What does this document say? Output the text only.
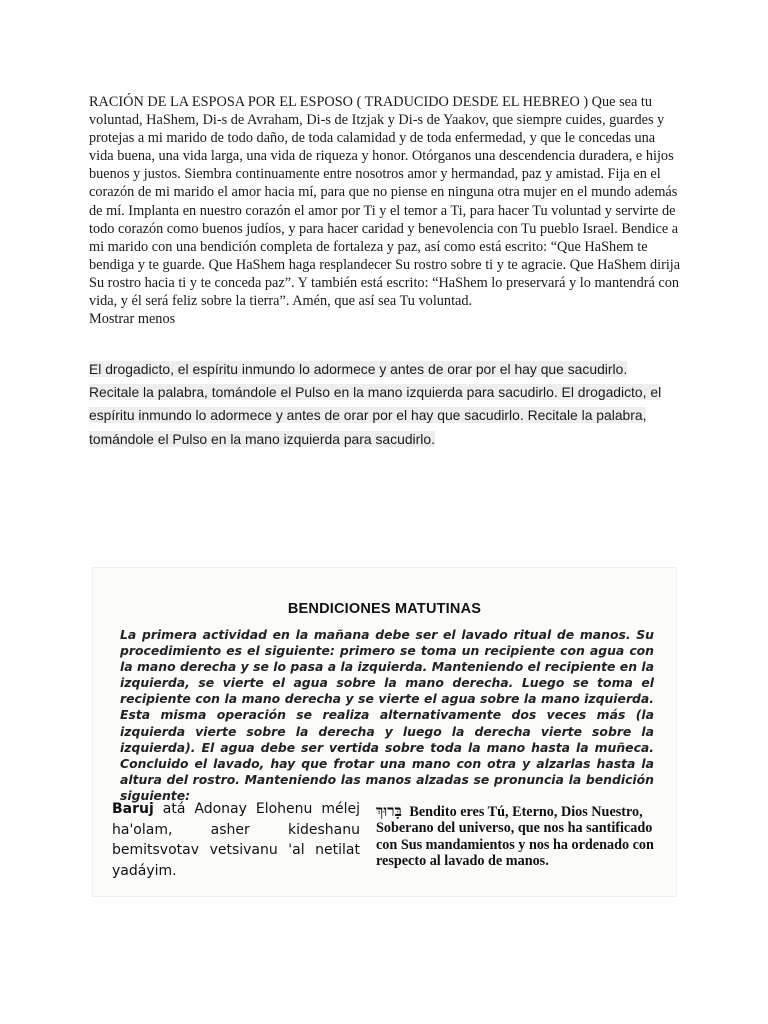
RACIÓN DE LA ESPOSA POR EL ESPOSO ( TRADUCIDO DESDE EL HEBREO ) Que sea tu voluntad, HaShem, Di-s de Avraham, Di-s de Itzjak y Di-s de Yaakov, que siempre cuides, guardes y protejas a mi marido de todo daño, de toda calamidad y de toda enfermedad, y que le concedas una vida buena, una vida larga, una vida de riqueza y honor. Otórganos una descendencia duradera, e hijos buenos y justos. Siembra continuamente entre nosotros amor y hermandad, paz y amistad. Fija en el corazón de mi marido el amor hacia mí, para que no piense en ninguna otra mujer en el mundo además de mí. Implanta en nuestro corazón el amor por Ti y el temor a Ti, para hacer Tu voluntad y servirte de todo corazón como buenos judíos, y para hacer caridad y benevolencia con Tu pueblo Israel. Bendice a mi marido con una bendición completa de fortaleza y paz, así como está escrito: “Que HaShem te bendiga y te guarde. Que HaShem haga resplandecer Su rostro sobre ti y te agracie. Que HaShem dirija Su rostro hacia ti y te conceda paz”. Y también está escrito: “HaShem lo preservará y lo mantendrá con vida, y él será feliz sobre la tierra”. Amén, que así sea Tu voluntad.

Mostrar menos
El drogadicto, el espíritu inmundo lo adormece y antes de orar por el hay que sacudirlo. Recitale la palabra, tomándole el Pulso en la mano izquierda para sacudirlo. El drogadicto, el espíritu inmundo lo adormece y antes de orar por el hay que sacudirlo. Recitale la palabra, tomándole el Pulso en la mano izquierda para sacudirlo.
BENDICIONES MATUTINAS

La primera actividad en la mañana debe ser el lavado ritual de manos. Su procedimiento es el siguiente: primero se toma un recipiente con agua con la mano derecha y se lo pasa a la izquierda. Manteniendo el recipiente en la izquierda, se vierte el agua sobre la mano derecha. Luego se toma el recipiente con la mano derecha y se vierte el agua sobre la mano izquierda. Esta misma operación se realiza alternativamente dos veces más (la izquierda vierte sobre la derecha y luego la derecha vierte sobre la izquierda). El agua debe ser vertida sobre toda la mano hasta la muñeca. Concluido el lavado, hay que frotar una mano con otra y alzarlas hasta la altura del rostro. Manteniendo las manos alzadas se pronuncia la bendición siguiente:

Baruj atá Adonay Elohenu mélej ha'olam, asher kideshanu bemitsvotav vetsivanu 'al netilat yadáyim.

בָּרוּךְ Bendito eres Tú, Eterno, Dios Nuestro, Soberano del universo, que nos ha santificado con Sus mandamientos y nos ha ordenado con respecto al lavado de manos.
